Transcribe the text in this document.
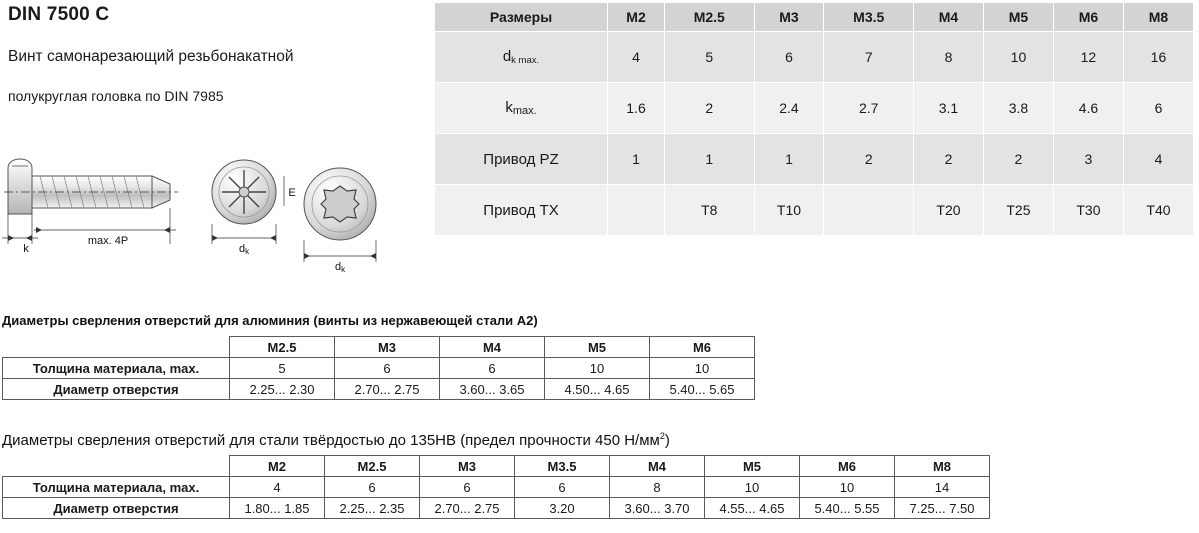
DIN 7500 C
Винт самонарезающий резьбонакатной
полукруглая головка по DIN 7985
k
max. 4P
dk
E
dk
Размеры	M2	M2.5	M3	M3.5	M4	M5	M6	M8
$d_{k max.}$	4	5	6	7	8	10	12	16
$k_{max.}$	1.6	2	2.4	2.7	3.1	3.8	4.6	6
Привод PZ	1	1	1	2	2	2	3	4
Привод TX		T8	T10		T20	T25	T30	T40
Диаметры сверления отверстий для алюминия (винты из нержавеющей стали А2)
	M2.5	M3	M4	M5	M6
Толщина материала, max.	5	6	6	10	10
Диаметр отверстия	2.25... 2.30	2.70... 2.75	3.60... 3.65	4.50... 4.65	5.40... 5.65
Диаметры сверления отверстий для стали твёрдостью до 135HB (предел прочности 450 $Н/мм^2$)
	M2	M2.5	M3	M3.5	M4	M5	M6	M8
Толщина материала, max.	4	6	6	6	8	10	10	14
Диаметр отверстия	1.80... 1.85	2.25... 2.35	2.70... 2.75	3.20	3.60... 3.70	4.55... 4.65	5.40... 5.55	7.25... 7.50
